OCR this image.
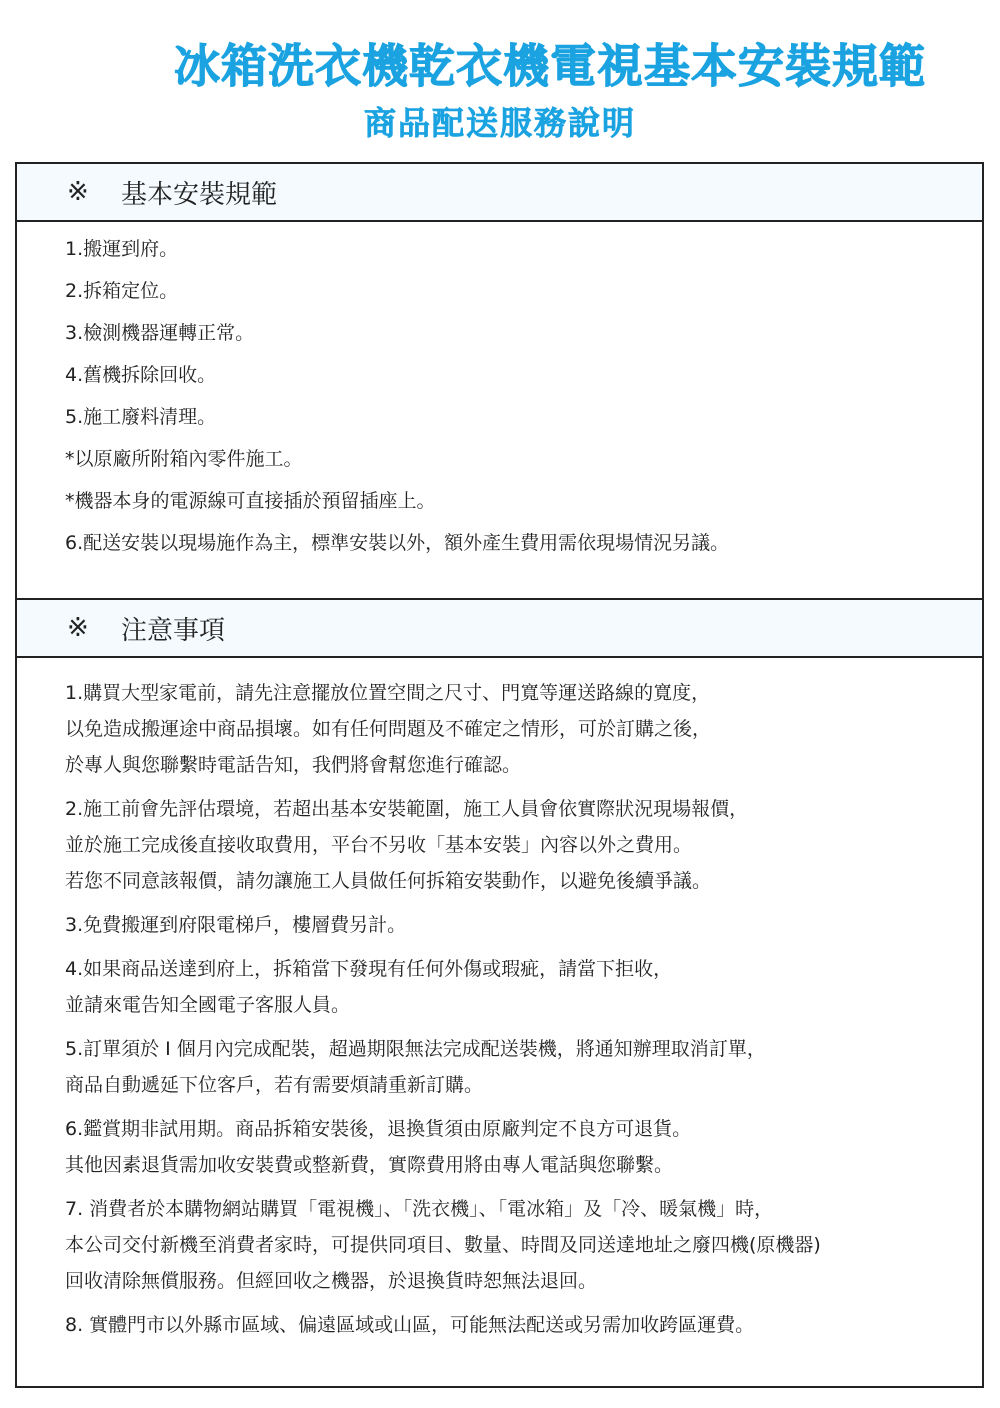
冰箱洗衣機乾衣機電視基本安裝規範
商品配送服務說明
※	基本安裝規範
1.搬運到府。
2.拆箱定位。
3.檢測機器運轉正常。
4.舊機拆除回收。
5.施工廢料清理。
*以原廠所附箱內零件施工。
*機器本身的電源線可直接插於預留插座上。
6.配送安裝以現場施作為主，標準安裝以外，額外產生費用需依現場情況另議。
※	注意事項
1.購買大型家電前，請先注意擺放位置空間之尺寸、門寬等運送路線的寬度，
以免造成搬運途中商品損壞。如有任何問題及不確定之情形，可於訂購之後，
於專人與您聯繫時電話告知，我們將會幫您進行確認。
2.施工前會先評估環境，若超出基本安裝範圍，施工人員會依實際狀況現場報價，
並於施工完成後直接收取費用，平台不另收「基本安裝」內容以外之費用。
若您不同意該報價，請勿讓施工人員做任何拆箱安裝動作，以避免後續爭議。
3.免費搬運到府限電梯戶，樓層費另計。
4.如果商品送達到府上，拆箱當下發現有任何外傷或瑕疵，請當下拒收，
並請來電告知全國電子客服人員。
5.訂單須於 I 個月內完成配裝，超過期限無法完成配送裝機，將通知辦理取消訂單，
商品自動遞延下位客戶，若有需要煩請重新訂購。
6.鑑賞期非試用期。商品拆箱安裝後，退換貨須由原廠判定不良方可退貨。
其他因素退貨需加收安裝費或整新費，實際費用將由專人電話與您聯繫。
7. 消費者於本購物網站購買「電視機」、「洗衣機」、「電冰箱」及「冷、暖氣機」時，
本公司交付新機至消費者家時，可提供同項目、數量、時間及同送達地址之廢四機(原機器)
回收清除無償服務。但經回收之機器，於退換貨時恕無法退回。
8. 實體門市以外縣市區域、偏遠區域或山區，可能無法配送或另需加收跨區運費。
